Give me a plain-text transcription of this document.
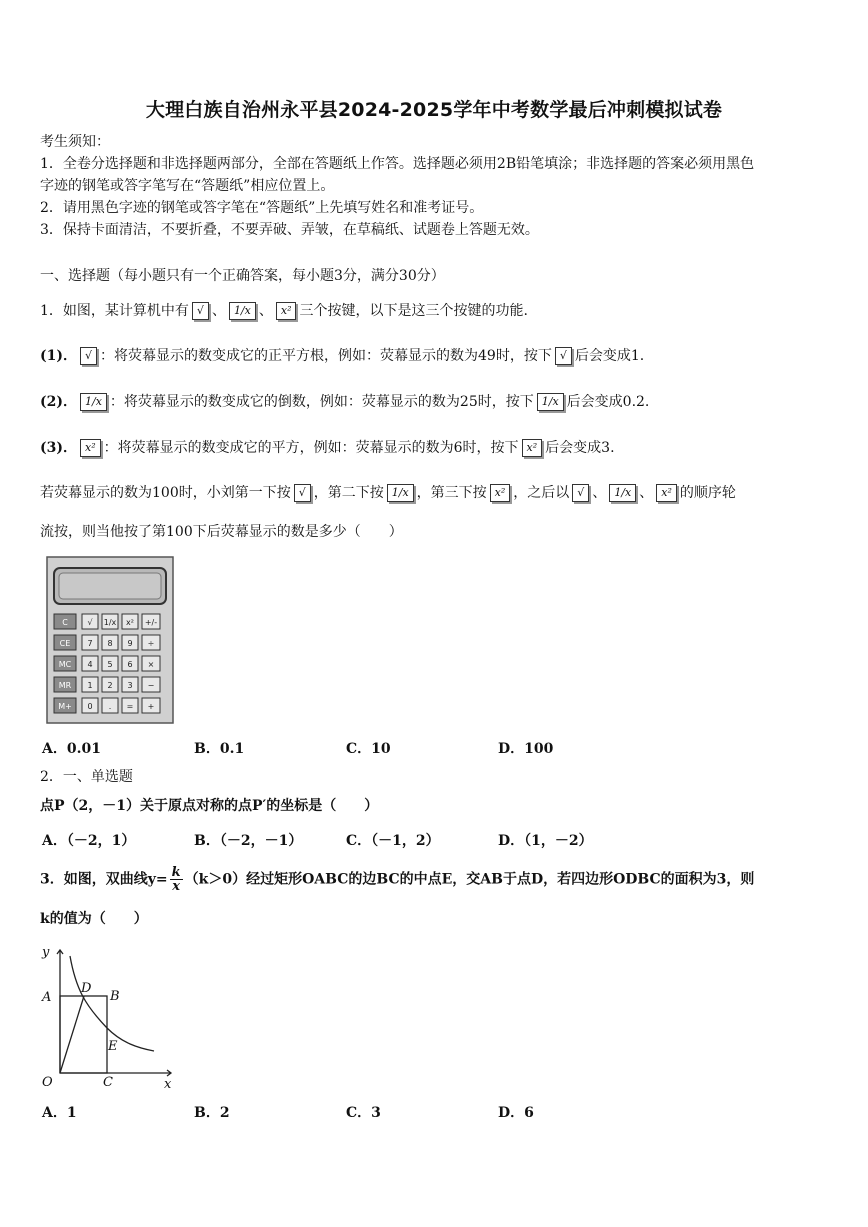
大理白族自治州永平县2024-2025学年中考数学最后冲刺模拟试卷
考生须知：
1．全卷分选择题和非选择题两部分，全部在答题纸上作答。选择题必须用2B铅笔填涂；非选择题的答案必须用黑色
字迹的钢笔或答字笔写在“答题纸”相应位置上。
2．请用黑色字迹的钢笔或答字笔在“答题纸”上先填写姓名和准考证号。
3．保持卡面清洁，不要折叠，不要弄破、弄皱，在草稿纸、试题卷上答题无效。
一、选择题（每小题只有一个正确答案，每小题3分，满分30分）
1．如图，某计算机中有 √ 、 1/x 、 x² 三个按键，以下是这三个按键的功能.
(1)． √ ：将荧幕显示的数变成它的正平方根，例如：荧幕显示的数为49时，按下 √ 后会变成1.
(2)． 1/x ：将荧幕显示的数变成它的倒数，例如：荧幕显示的数为25时，按下 1/x 后会变成0.2.
(3)． x² ：将荧幕显示的数变成它的平方，例如：荧幕显示的数为6时，按下 x² 后会变成3.
若荧幕显示的数为100时，小刘第一下按 √ ，第二下按 1/x ，第三下按 x² ，之后以 √ 、 1/x 、 x² 的顺序轮
流按，则当他按了第100下后荧幕显示的数是多少（　　）
C √ 1/x x² +/-
CE 7 8 9 ÷
MC 4 5 6 ×
MR 1 2 3 −
M+ 0 . = +
A．0.01	B．0.1	C．10	D．100
2．一、单选题
点P（2，－1）关于原点对称的点P′的坐标是（　　）
A．（－2，1）	B．（－2，－1）	C．（－1，2）	D．（1，－2）
3．如图，双曲线$y= \frac{k}{x} (k>0)$经过矩形OABC的边BC的中点E，交AB于点D，若四边形ODBC的面积为3，则
k的值为（　　）
y
x
O
A	B
C
D
E
A．1	B．2	C．3	D．6
